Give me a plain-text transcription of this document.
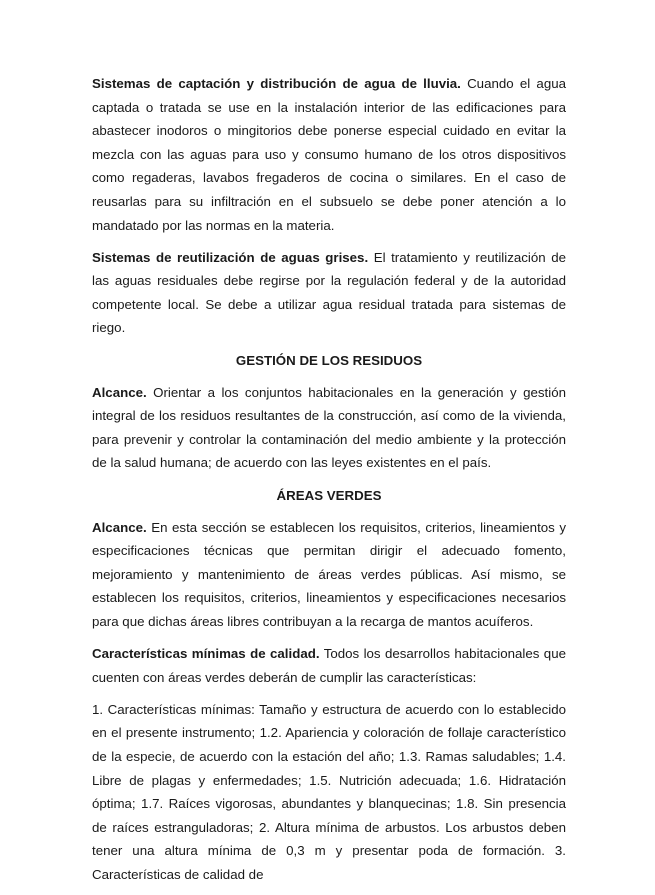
Sistemas de captación y distribución de agua de lluvia. Cuando el agua captada o tratada se use en la instalación interior de las edificaciones para abastecer inodoros o mingitorios debe ponerse especial cuidado en evitar la mezcla con las aguas para uso y consumo humano de los otros dispositivos como regaderas, lavabos fregaderos de cocina o similares. En el caso de reusarlas para su infiltración en el subsuelo se debe poner atención a lo mandatado por las normas en la materia.

Sistemas de reutilización de aguas grises. El tratamiento y reutilización de las aguas residuales debe regirse por la regulación federal y de la autoridad competente local. Se debe a utilizar agua residual tratada para sistemas de riego.

GESTIÓN DE LOS RESIDUOS

Alcance. Orientar a los conjuntos habitacionales en la generación y gestión integral de los residuos resultantes de la construcción, así como de la vivienda, para prevenir y controlar la contaminación del medio ambiente y la protección de la salud humana; de acuerdo con las leyes existentes en el país.

ÁREAS VERDES

Alcance. En esta sección se establecen los requisitos, criterios, lineamientos y especificaciones técnicas que permitan dirigir el adecuado fomento, mejoramiento y mantenimiento de áreas verdes públicas. Así mismo, se establecen los requisitos, criterios, lineamientos y especificaciones necesarios para que dichas áreas libres contribuyan a la recarga de mantos acuíferos.

Características mínimas de calidad. Todos los desarrollos habitacionales que cuenten con áreas verdes deberán de cumplir las características:

1. Características mínimas: Tamaño y estructura de acuerdo con lo establecido en el presente instrumento; 1.2. Apariencia y coloración de follaje característico de la especie, de acuerdo con la estación del año; 1.3. Ramas saludables; 1.4. Libre de plagas y enfermedades; 1.5. Nutrición adecuada; 1.6. Hidratación óptima; 1.7. Raíces vigorosas, abundantes y blanquecinas; 1.8. Sin presencia de raíces estranguladoras; 2. Altura mínima de arbustos. Los arbustos deben tener una altura mínima de 0,3 m y presentar poda de formación. 3. Características de calidad de
